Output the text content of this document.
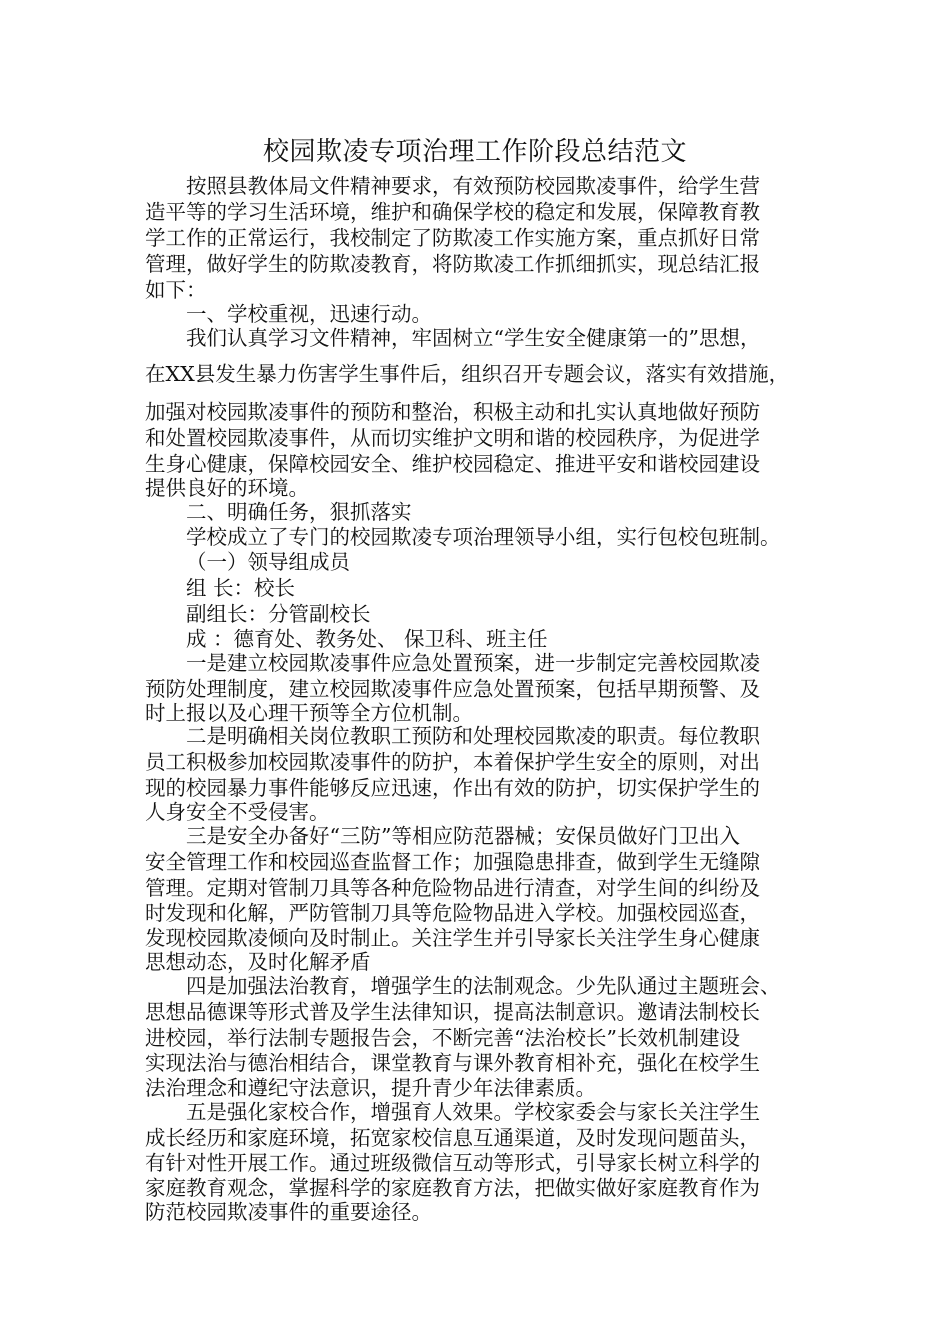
校园欺凌专项治理工作阶段总结范文
按照县教体局文件精神要求，有效预防校园欺凌事件，给学生营
造平等的学习生活环境，维护和确保学校的稳定和发展，保障教育教
学工作的正常运行，我校制定了防欺凌工作实施方案，重点抓好日常
管理，做好学生的防欺凌教育，将防欺凌工作抓细抓实，现总结汇报
如下：
一、学校重视，迅速行动。
我们认真学习文件精神，牢固树立“学生安全健康第一的”思想，
在XX县发生暴力伤害学生事件后，组织召开专题会议，落实有效措施，
加强对校园欺凌事件的预防和整治，积极主动和扎实认真地做好预防
和处置校园欺凌事件，从而切实维护文明和谐的校园秩序，为促进学
生身心健康，保障校园安全、维护校园稳定、推进平安和谐校园建设
提供良好的环境。
二、明确任务，狠抓落实
学校成立了专门的校园欺凌专项治理领导小组，实行包校包班制。
（一）领导组成员
组 长：校长
副组长：分管副校长
成 ：德育处、教务处、 保卫科、班主任
一是建立校园欺凌事件应急处置预案，进一步制定完善校园欺凌
预防处理制度，建立校园欺凌事件应急处置预案，包括早期预警、及
时上报以及心理干预等全方位机制。
二是明确相关岗位教职工预防和处理校园欺凌的职责。每位教职
员工积极参加校园欺凌事件的防护，本着保护学生安全的原则，对出
现的校园暴力事件能够反应迅速，作出有效的防护，切实保护学生的
人身安全不受侵害。
三是安全办备好“三防”等相应防范器械；安保员做好门卫出入
安全管理工作和校园巡查监督工作；加强隐患排查，做到学生无缝隙
管理。定期对管制刀具等各种危险物品进行清查，对学生间的纠纷及
时发现和化解，严防管制刀具等危险物品进入学校。加强校园巡查，
发现校园欺凌倾向及时制止。关注学生并引导家长关注学生身心健康
思想动态，及时化解矛盾
四是加强法治教育，增强学生的法制观念。少先队通过主题班会、
思想品德课等形式普及学生法律知识，提高法制意识。邀请法制校长
进校园，举行法制专题报告会，不断完善“法治校长”长效机制建设
实现法治与德治相结合，课堂教育与课外教育相补充，强化在校学生
法治理念和遵纪守法意识，提升青少年法律素质。
五是强化家校合作，增强育人效果。学校家委会与家长关注学生
成长经历和家庭环境，拓宽家校信息互通渠道，及时发现问题苗头，
有针对性开展工作。通过班级微信互动等形式，引导家长树立科学的
家庭教育观念，掌握科学的家庭教育方法，把做实做好家庭教育作为
防范校园欺凌事件的重要途径。
